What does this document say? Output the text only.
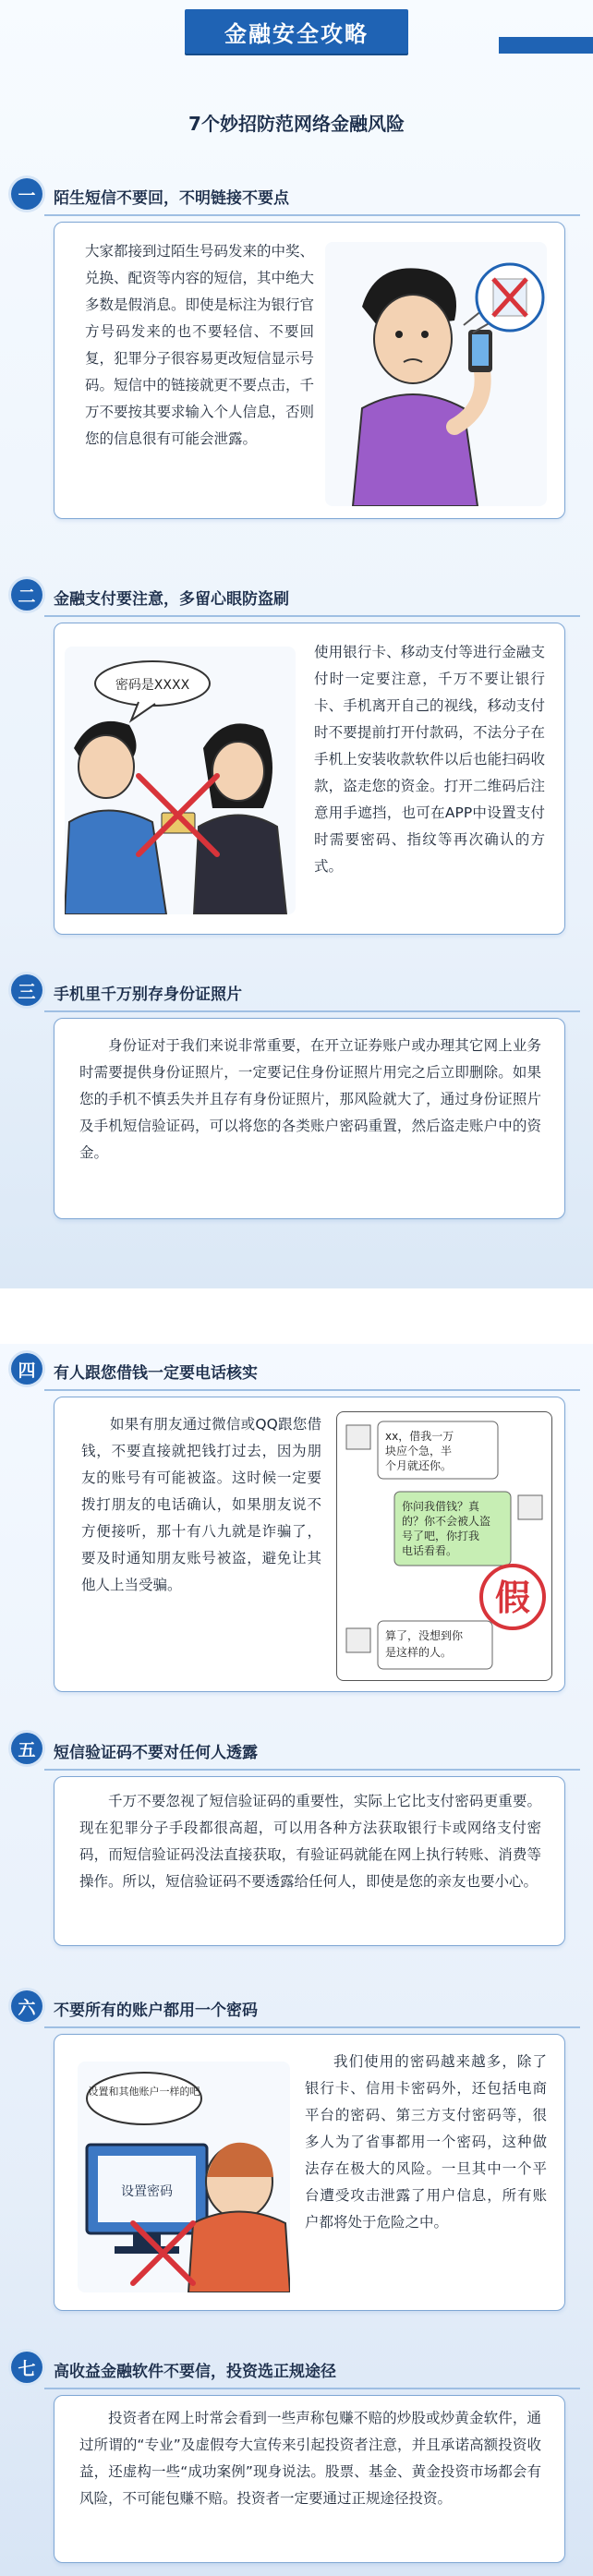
金融安全攻略
7个妙招防范网络金融风险
一	陌生短信不要回，不明链接不要点
大家都接到过陌生号码发来的中奖、兑换、配资等内容的短信，其中绝大多数是假消息。即使是标注为银行官方号码发来的也不要轻信、不要回复，犯罪分子很容易更改短信显示号码。短信中的链接就更不要点击，千万不要按其要求输入个人信息，否则您的信息很有可能会泄露。
二	金融支付要注意，多留心眼防盗刷
密码是XXXX
使用银行卡、移动支付等进行金融支付时一定要注意，千万不要让银行卡、手机离开自己的视线，移动支付时不要提前打开付款码，不法分子在手机上安装收款软件以后也能扫码收款，盗走您的资金。打开二维码后注意用手遮挡，也可在APP中设置支付时需要密码、指纹等再次确认的方式。
三	手机里千万别存身份证照片
身份证对于我们来说非常重要，在开立证券账户或办理其它网上业务时需要提供身份证照片，一定要记住身份证照片用完之后立即删除。如果您的手机不慎丢失并且存有身份证照片，那风险就大了，通过身份证照片及手机短信验证码，可以将您的各类账户密码重置，然后盗走账户中的资金。
四	有人跟您借钱一定要电话核实
如果有朋友通过微信或QQ跟您借钱，不要直接就把钱打过去，因为朋友的账号有可能被盗。这时候一定要拨打朋友的电话确认，如果朋友说不方便接听，那十有八九就是诈骗了，要及时通知朋友账号被盗，避免让其他人上当受骗。
xx，借我一万
块应个急，半
个月就还你。
你问我借钱？真
的？你不会被人盗
号了吧，你打我
电话看看。
假
算了，没想到你
是这样的人。
五	短信验证码不要对任何人透露
千万不要忽视了短信验证码的重要性，实际上它比支付密码更重要。现在犯罪分子手段都很高超，可以用各种方法获取银行卡或网络支付密码，而短信验证码没法直接获取，有验证码就能在网上执行转账、消费等操作。所以，短信验证码不要透露给任何人，即使是您的亲友也要小心。
六	不要所有的账户都用一个密码
设置和其他账户一样的吧
设置密码
我们使用的密码越来越多，除了银行卡、信用卡密码外，还包括电商平台的密码、第三方支付密码等，很多人为了省事都用一个密码，这种做法存在极大的风险。一旦其中一个平台遭受攻击泄露了用户信息，所有账户都将处于危险之中。
七	高收益金融软件不要信，投资选正规途径
投资者在网上时常会看到一些声称包赚不赔的炒股或炒黄金软件，通过所谓的“专业”及虚假夸大宣传来引起投资者注意，并且承诺高额投资收益，还虚构一些“成功案例”现身说法。股票、基金、黄金投资市场都会有风险，不可能包赚不赔。投资者一定要通过正规途径投资。
